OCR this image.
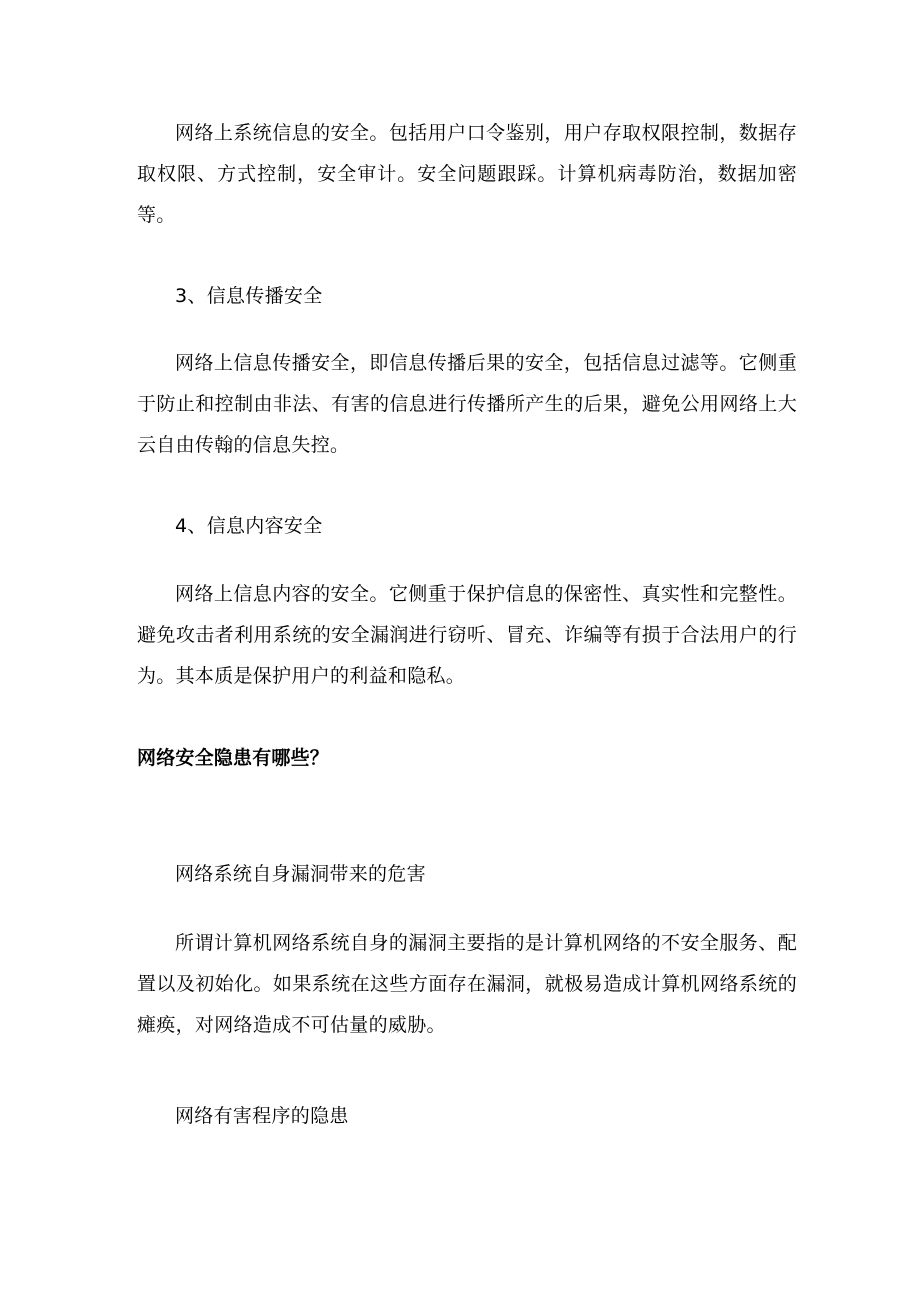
网络上系统信息的安全。包括用户口令鉴别，用户存取权限控制，数据存取权限、方式控制，安全审计。安全问题跟踩。计算机病毒防治，数据加密等。

3、信息传播安全

网络上信息传播安全，即信息传播后果的安全，包括信息过滤等。它侧重于防止和控制由非法、有害的信息进行传播所产生的后果，避免公用网络上大云自由传翰的信息失控。

4、信息内容安全

网络上信息内容的安全。它侧重于保护信息的保密性、真实性和完整性。避免攻击者利用系统的安全漏润进行窃听、冒充、诈编等有损于合法用户的行为。其本质是保护用户的利益和隐私。

网络安全隐患有哪些？

网络系统自身漏洞带来的危害

所谓计算机网络系统自身的漏洞主要指的是计算机网络的不安全服务、配置以及初始化。如果系统在这些方面存在漏洞，就极易造成计算机网络系统的瘫痪，对网络造成不可估量的威胁。

网络有害程序的隐患
